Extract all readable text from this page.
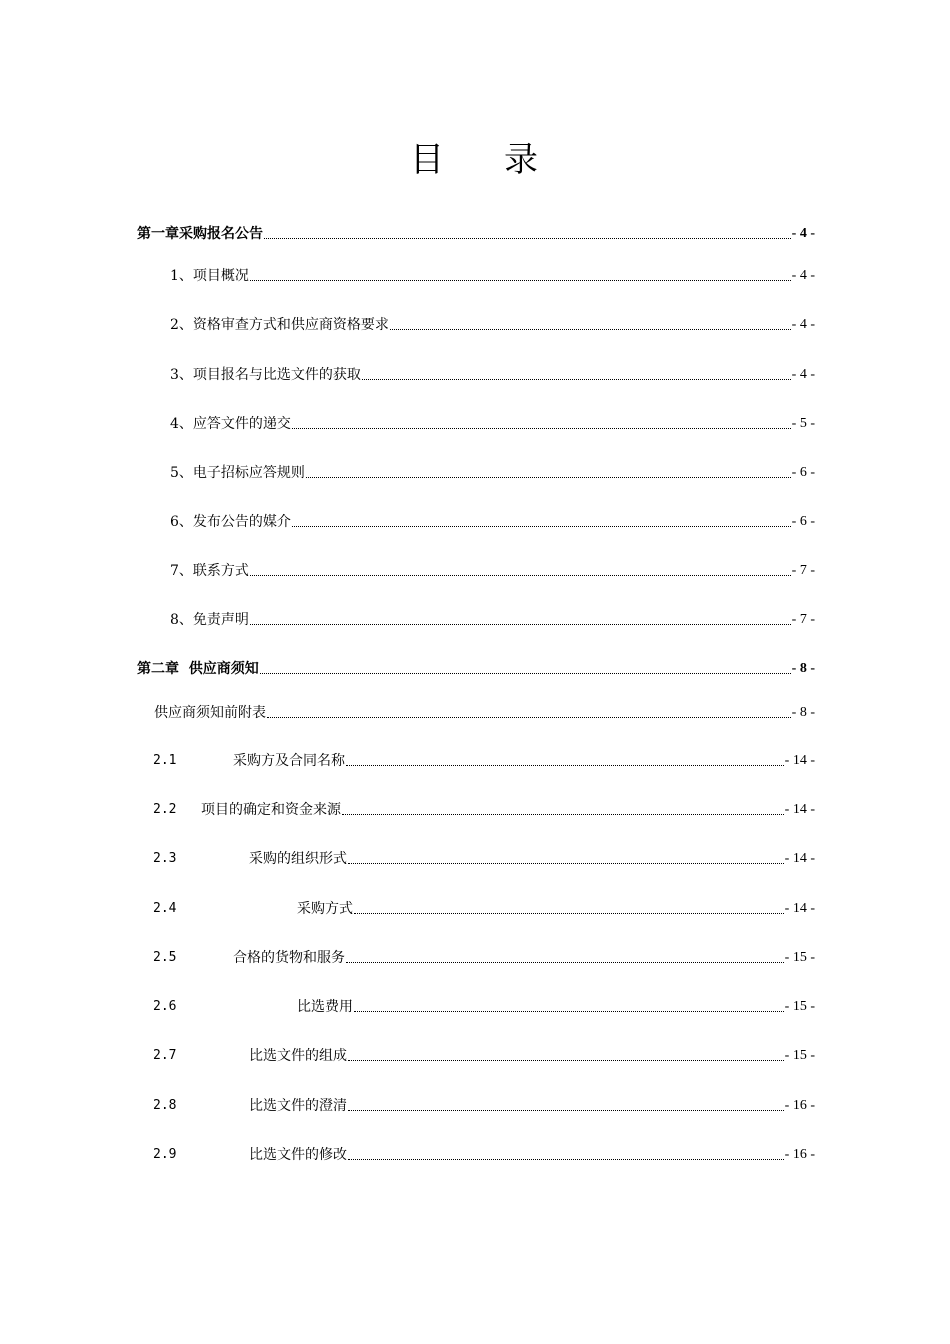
目 录
第一章采购报名公告	- 4 -
1、项目概况	- 4 -
2、资格审查方式和供应商资格要求	- 4 -
3、项目报名与比选文件的获取	- 4 -
4、应答文件的递交	- 5 -
5、电子招标应答规则	- 6 -
6、发布公告的媒介	- 6 -
7、联系方式	- 7 -
8、免责声明	- 7 -
第二章  供应商须知	- 8 -
供应商须知前附表	- 8 -
2.1	采购方及合同名称	- 14 -
2.2	项目的确定和资金来源	- 14 -
2.3	采购的组织形式	- 14 -
2.4	采购方式	- 14 -
2.5	合格的货物和服务	- 15 -
2.6	比选费用	- 15 -
2.7	比选文件的组成	- 15 -
2.8	比选文件的澄清	- 16 -
2.9	比选文件的修改	- 16 -
